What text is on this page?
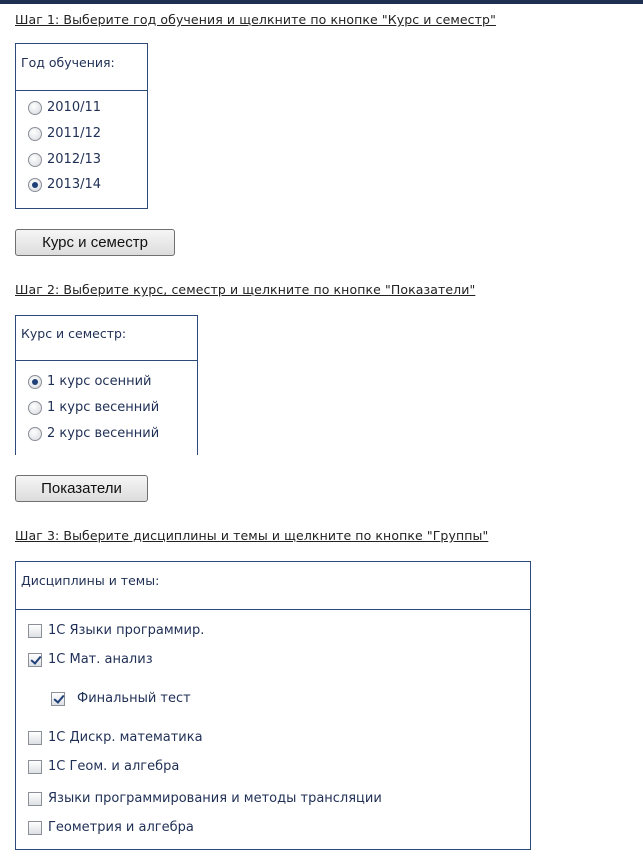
Шаг 1: Выберите год обучения и щелкните по кнопке "Курс и семестр"
Год обучения:
2010/11
2011/12
2012/13
2013/14
Курс и семестр
Шаг 2: Выберите курс, семестр и щелкните по кнопке "Показатели"
Курс и семестр:
1 курс осенний
1 курс весенний
2 курс весенний
Показатели
Шаг 3: Выберите дисциплины и темы и щелкните по кнопке "Группы"
Дисциплины и темы:
1С Языки программир.
1С Мат. анализ
Финальный тест
1С Дискр. математика
1С Геом. и алгебра
Языки программирования и методы трансляции
Геометрия и алгебра
